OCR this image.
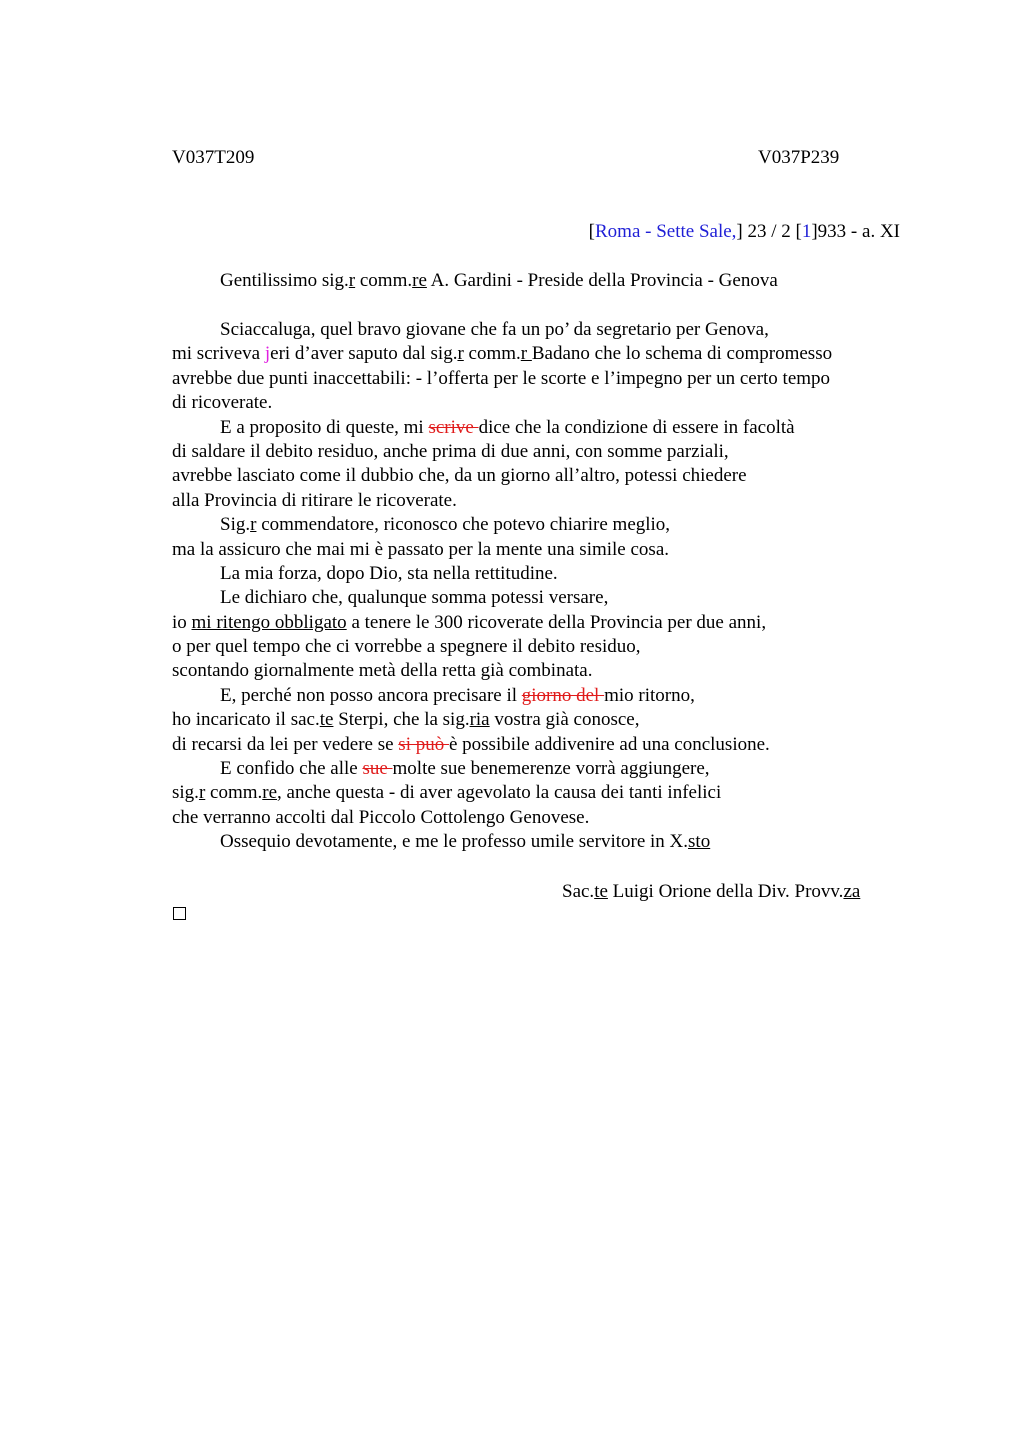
V037T209	V037P239
[Roma - Sette Sale,] 23 / 2 [1]933 - a. XI
Gentilissimo sig.r comm.re A. Gardini - Preside della Provincia - Genova
Sciaccaluga, quel bravo giovane che fa un po’ da segretario per Genova,
mi scriveva jeri d’aver saputo dal sig.r comm.r Badano che lo schema di compromesso
avrebbe due punti inaccettabili: - l’offerta per le scorte e l’impegno per un certo tempo
di ricoverate.
E a proposito di queste, mi scrive dice che la condizione di essere in facoltà
di saldare il debito residuo, anche prima di due anni, con somme parziali,
avrebbe lasciato come il dubbio che, da un giorno all’altro, potessi chiedere
alla Provincia di ritirare le ricoverate.
Sig.r commendatore, riconosco che potevo chiarire meglio,
ma la assicuro che mai mi è passato per la mente una simile cosa.
La mia forza, dopo Dio, sta nella rettitudine.
Le dichiaro che, qualunque somma potessi versare,
io mi ritengo obbligato a tenere le 300 ricoverate della Provincia per due anni,
o per quel tempo che ci vorrebbe a spegnere il debito residuo,
scontando giornalmente metà della retta già combinata.
E, perché non posso ancora precisare il giorno del mio ritorno,
ho incaricato il sac.te Sterpi, che la sig.ria vostra già conosce,
di recarsi da lei per vedere se si può è possibile addivenire ad una conclusione.
E confido che alle sue molte sue benemerenze vorrà aggiungere,
sig.r comm.re, anche questa - di aver agevolato la causa dei tanti infelici
che verranno accolti dal Piccolo Cottolengo Genovese.
Ossequio devotamente, e me le professo umile servitore in X.sto
Sac.te Luigi Orione della Div. Provv.za
